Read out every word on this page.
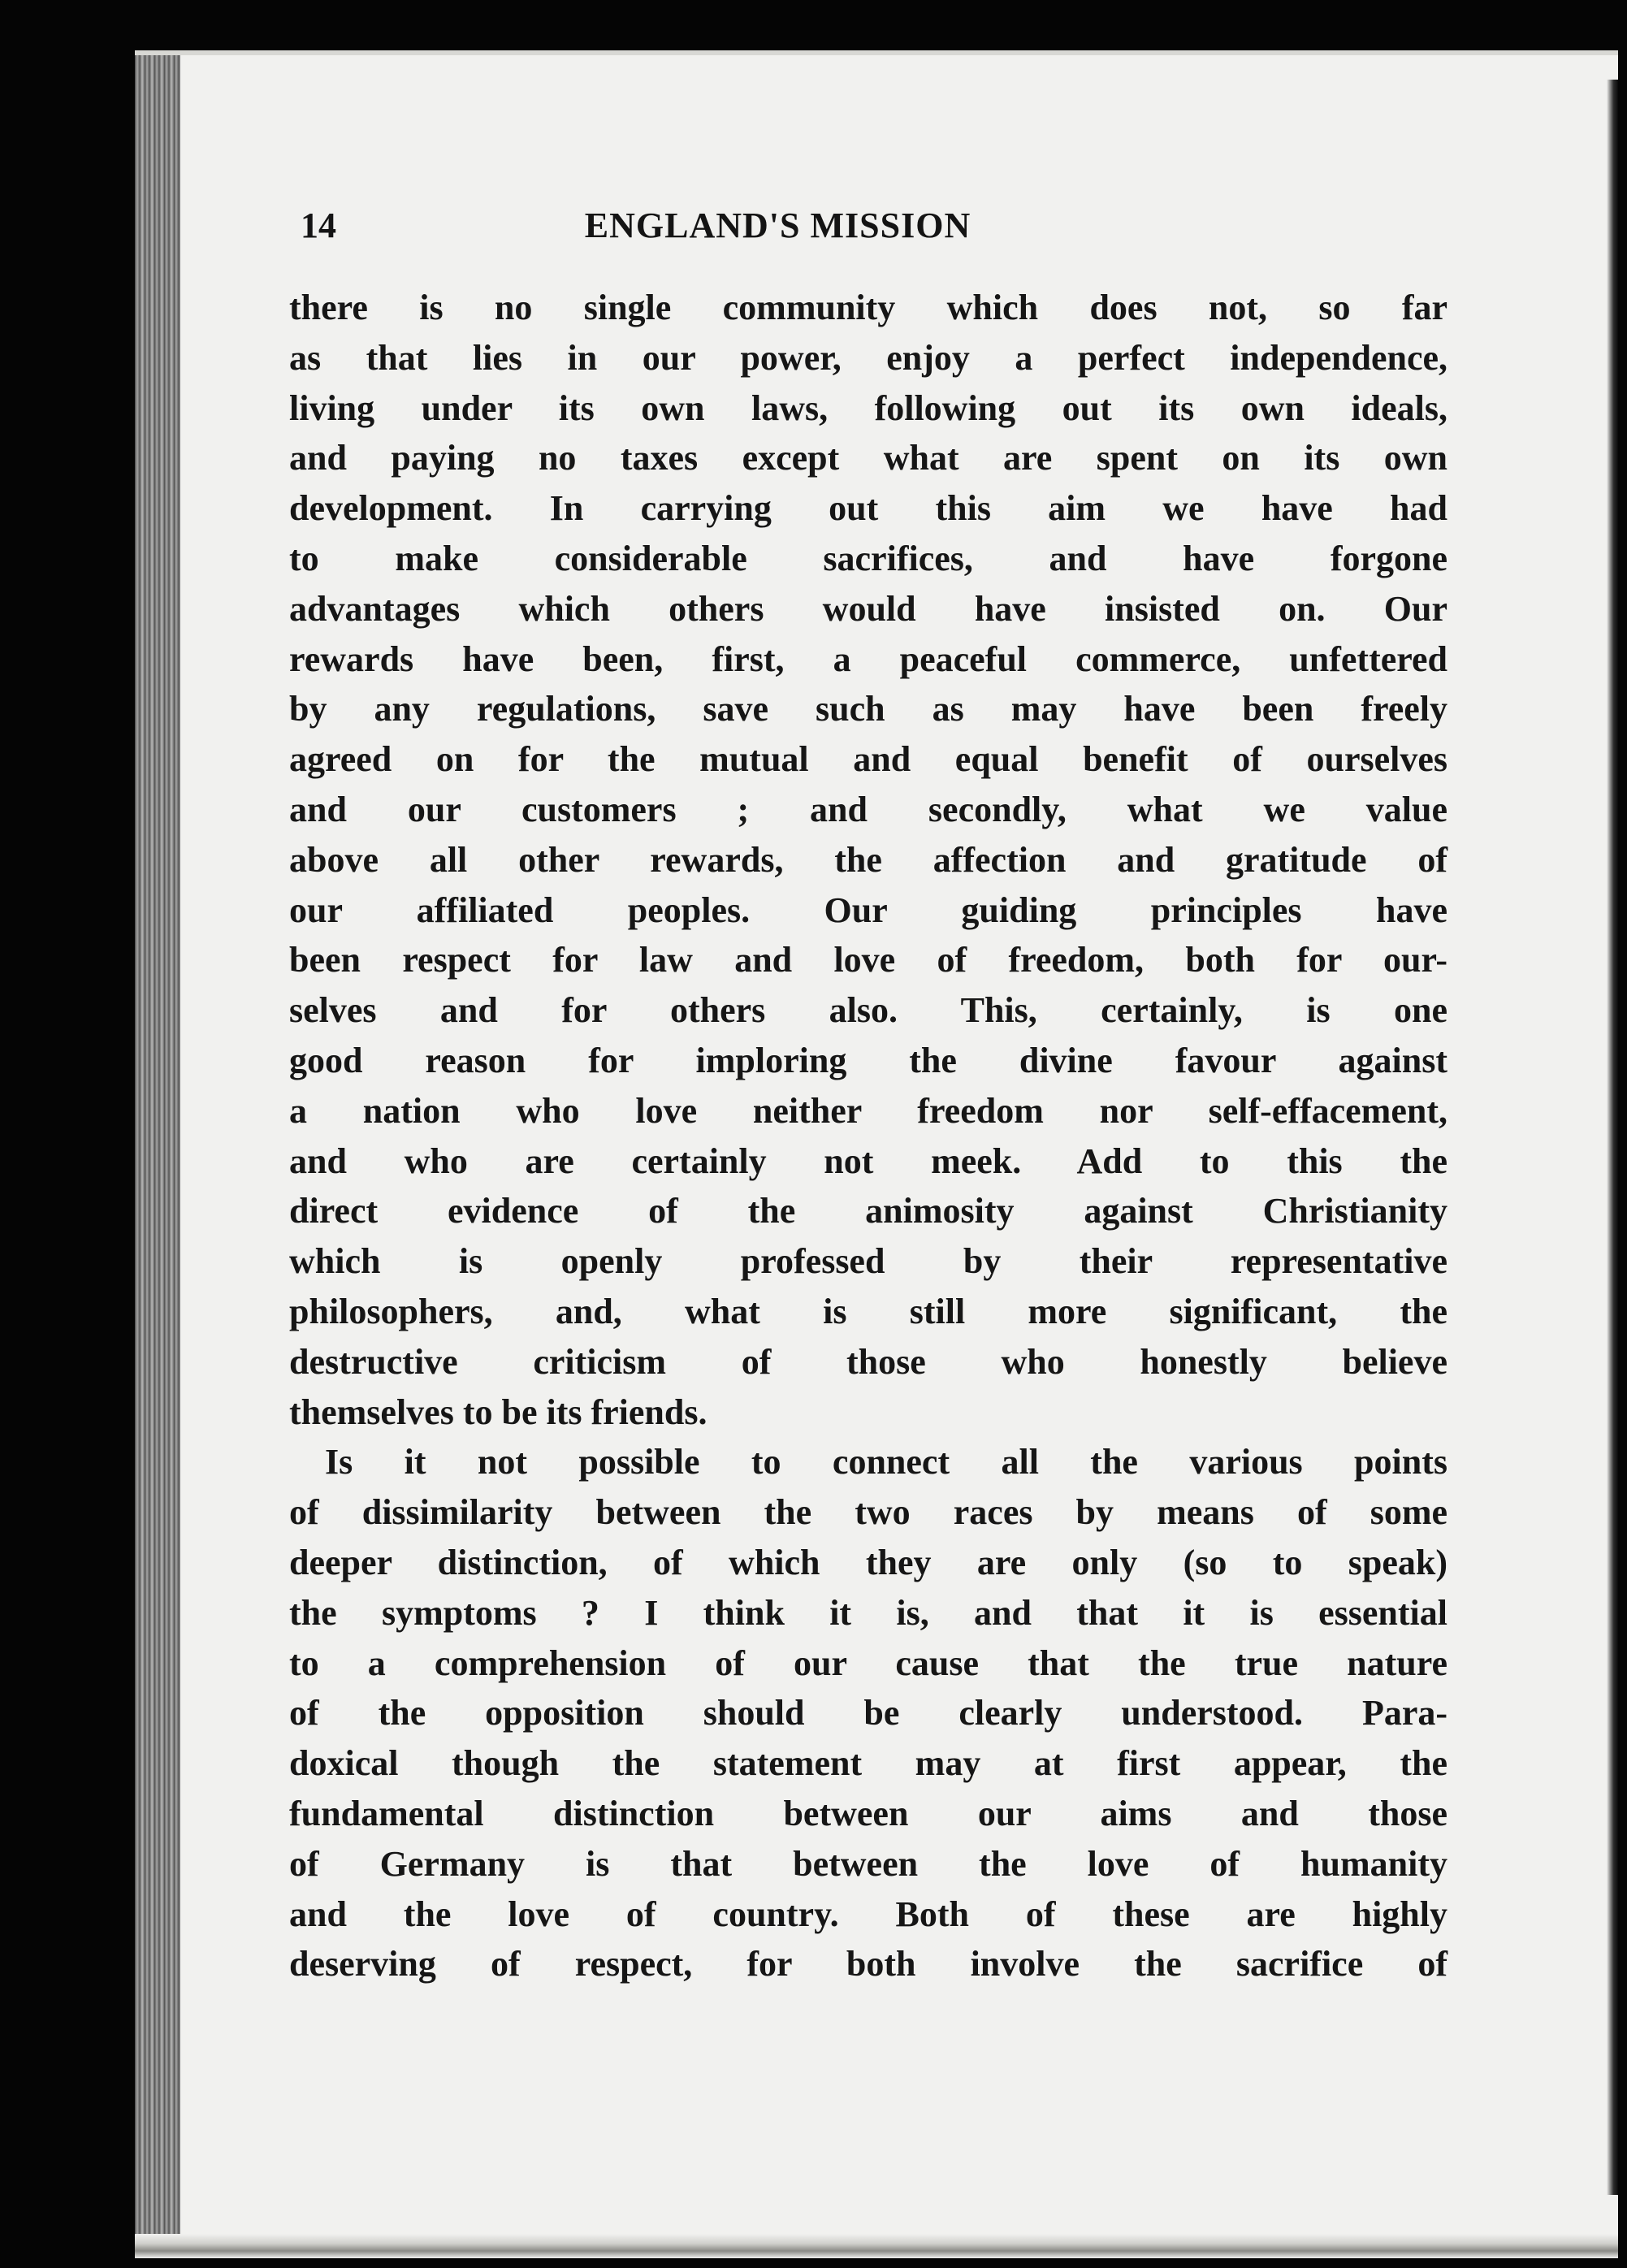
14	ENGLAND'S MISSION
there is no single community which does not, so far
as that lies in our power, enjoy a perfect independence,
living under its own laws, following out its own ideals,
and paying no taxes except what are spent on its own
development. In carrying out this aim we have had
to make considerable sacrifices, and have forgone
advantages which others would have insisted on. Our
rewards have been, first, a peaceful commerce, unfettered
by any regulations, save such as may have been freely
agreed on for the mutual and equal benefit of ourselves
and our customers ; and secondly, what we value
above all other rewards, the affection and gratitude of
our affiliated peoples. Our guiding principles have
been respect for law and love of freedom, both for our-
selves and for others also. This, certainly, is one
good reason for imploring the divine favour against
a nation who love neither freedom nor self-effacement,
and who are certainly not meek. Add to this the
direct evidence of the animosity against Christianity
which is openly professed by their representative
philosophers, and, what is still more significant, the
destructive criticism of those who honestly believe
themselves to be its friends.
Is it not possible to connect all the various points
of dissimilarity between the two races by means of some
deeper distinction, of which they are only (so to speak)
the symptoms ? I think it is, and that it is essential
to a comprehension of our cause that the true nature
of the opposition should be clearly understood. Para-
doxical though the statement may at first appear, the
fundamental distinction between our aims and those
of Germany is that between the love of humanity
and the love of country. Both of these are highly
deserving of respect, for both involve the sacrifice of
